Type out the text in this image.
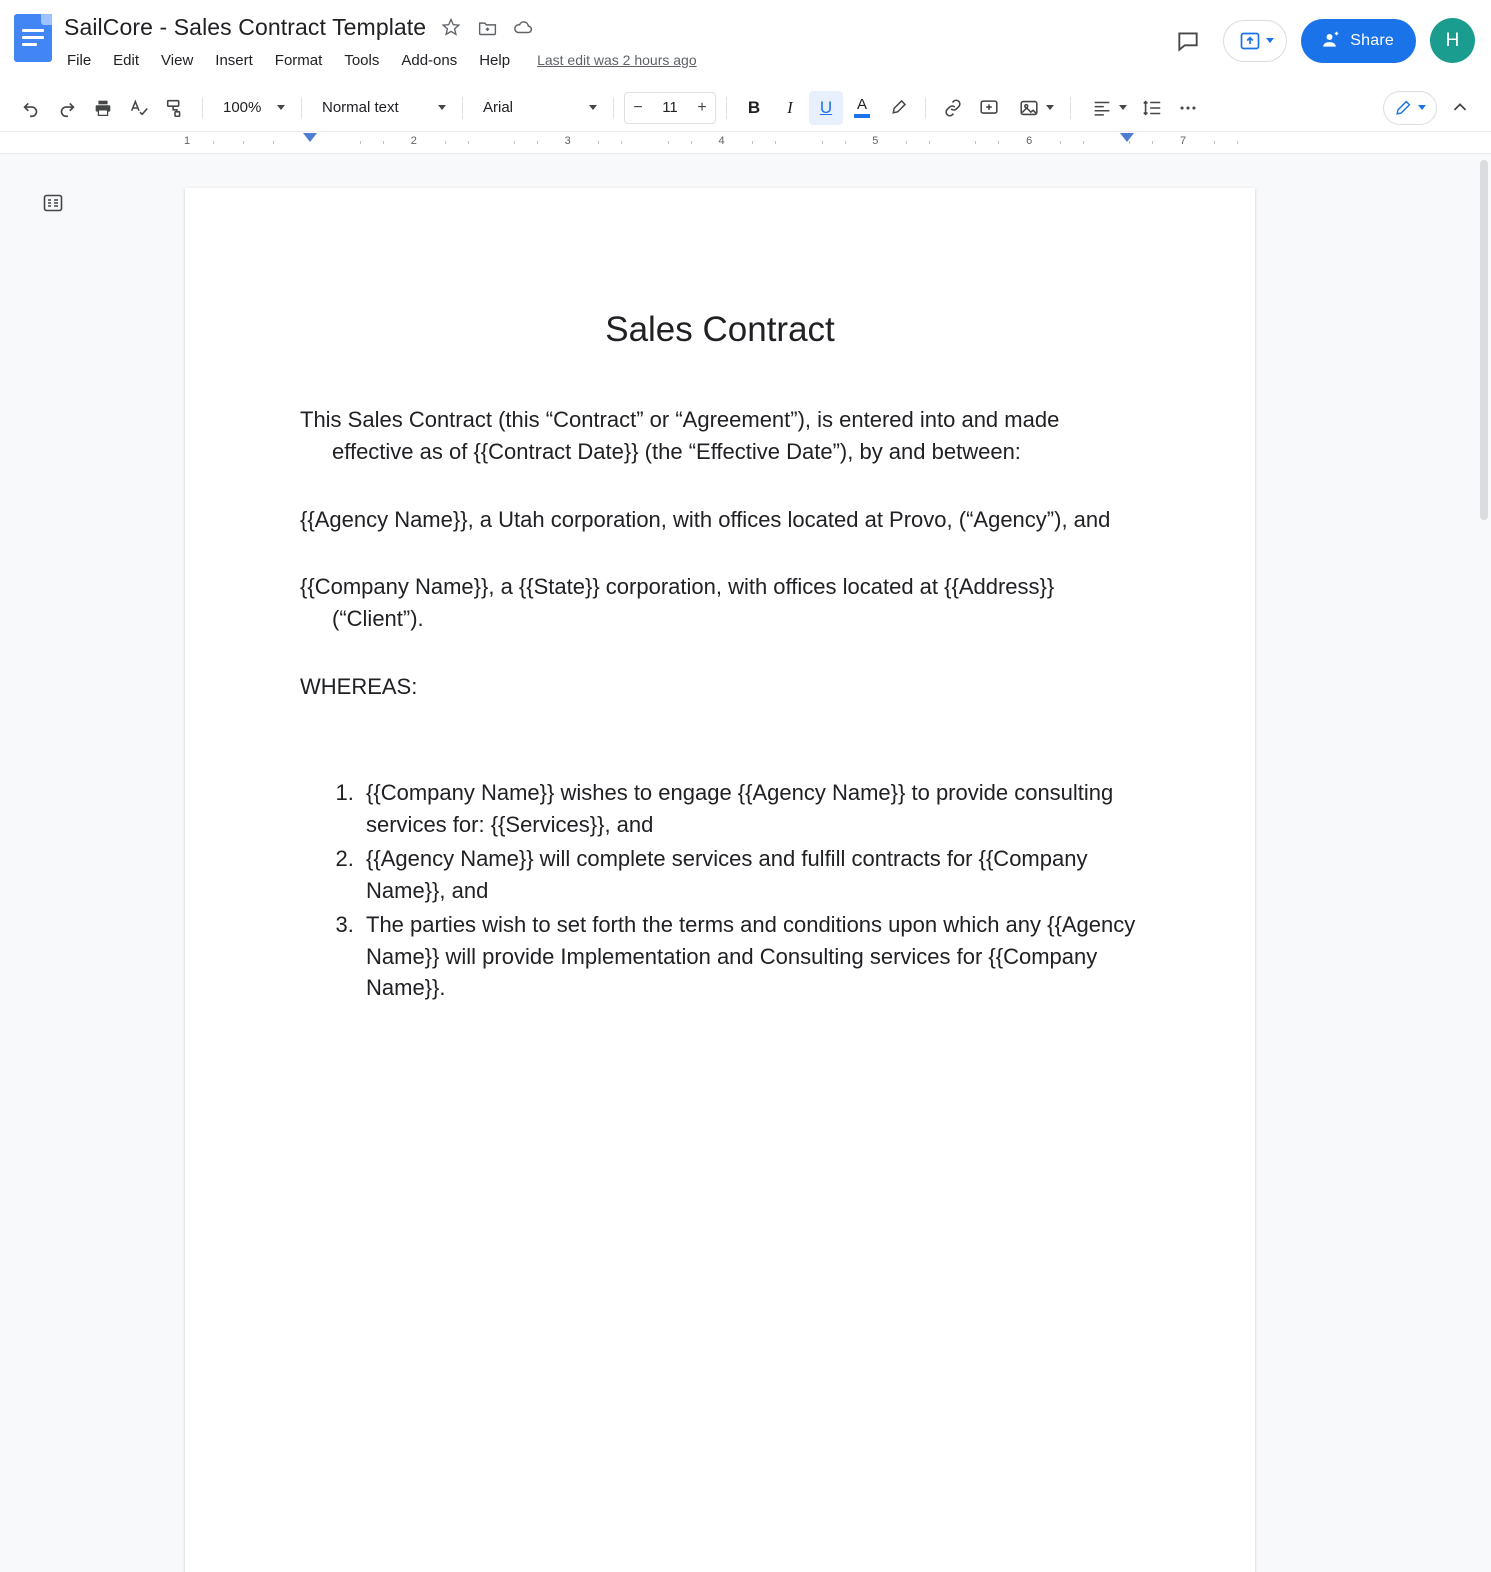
SailCore - Sales Contract Template
File	Edit	View	Insert	Format	Tools	Add-ons	Help	Last edit was 2 hours ago
Share	H
100%	Normal text	Arial	−	11	+	B I U A
1	2	3	4	5	6	7
Sales Contract

This Sales Contract (this “Contract” or “Agreement”), is entered into and made effective as of {{Contract Date}} (the “Effective Date”), by and between:

{{Agency Name}}, a Utah corporation, with offices located at Provo, (“Agency”), and

{{Company Name}}, a {{State}} corporation, with offices located at {{Address}} (“Client”).

WHEREAS:

1. {{Company Name}} wishes to engage {{Agency Name}} to provide consulting services for: {{Services}}, and
2. {{Agency Name}} will complete services and fulfill contracts for {{Company Name}}, and
3. The parties wish to set forth the terms and conditions upon which any {{Agency Name}} will provide Implementation and Consulting services for {{Company Name}}.
